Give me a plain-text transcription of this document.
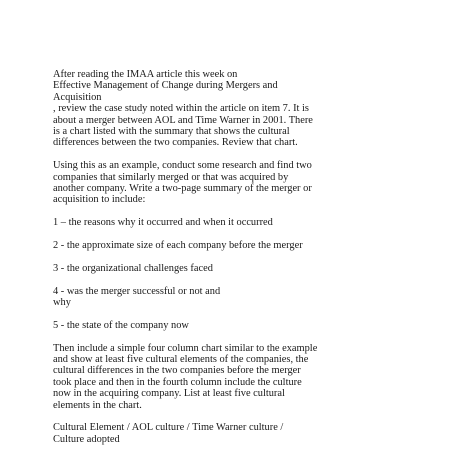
After reading the IMAA article this week on
Effective Management of Change during Mergers and
Acquisition
, review the case study noted within the article on item 7. It is
about a merger between AOL and Time Warner in 2001. There
is a chart listed with the summary that shows the cultural
differences between the two companies. Review that chart.

Using this as an example, conduct some research and find two
companies that similarly merged or that was acquired by
another company. Write a two-page summary of the merger or
acquisition to include:

1 – the reasons why it occurred and when it occurred

2 - the approximate size of each company before the merger

3 - the organizational challenges faced

4 - was the merger successful or not and
why

5 - the state of the company now

Then include a simple four column chart similar to the example
and show at least five cultural elements of the companies, the
cultural differences in the two companies before the merger
took place and then in the fourth column include the culture
now in the acquiring company. List at least five cultural
elements in the chart.

Cultural Element / AOL culture / Time Warner culture /
Culture adopted
